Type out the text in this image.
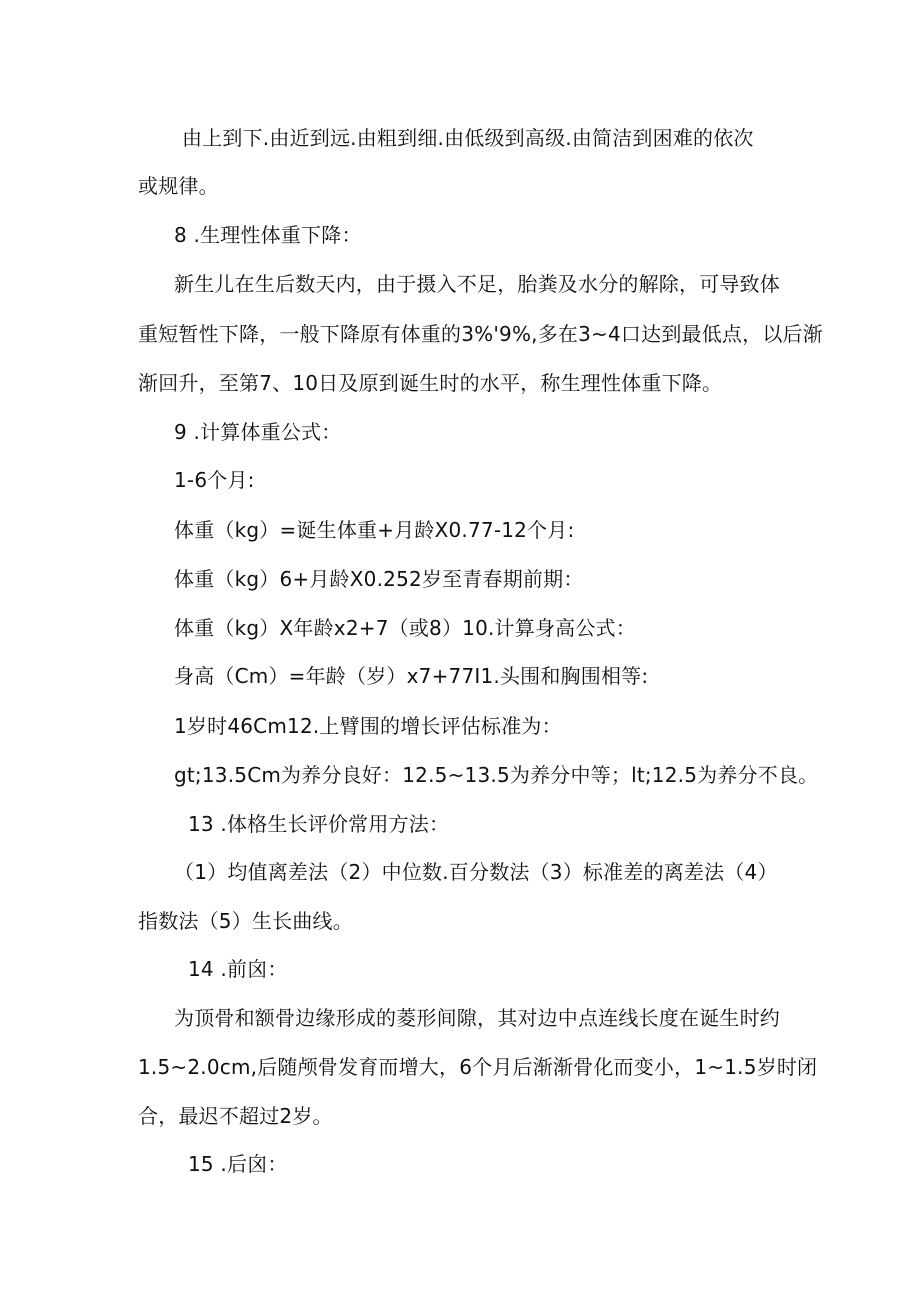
由上到下.由近到远.由粗到细.由低级到高级.由简洁到困难的依次

或规律。

8 .生理性体重下降：

新生儿在生后数天内，由于摄入不足，胎粪及水分的解除，可导致体

重短暂性下降，一般下降原有体重的3%'9%,多在3~4口达到最低点，以后渐

渐回升，至第7、10日及原到诞生时的水平，称生理性体重下降。

9 .计算体重公式：

1-6个月:

体重（kg）=诞生体重+月龄X0.77-12个月:

体重（kg）6+月龄X0.252岁至青春期前期：

体重（kg）X年龄x2+7（或8）10.计算身高公式：

身高（Cm）=年龄（岁）x7+77I1.头围和胸围相等:

1岁时46Cm12.上臂围的增长评估标准为：

gt;13.5Cm为养分良好：12.5~13.5为养分中等；lt;12.5为养分不良。

13 .体格生长评价常用方法：

（1）均值离差法（2）中位数.百分数法（3）标准差的离差法（4）

指数法（5）生长曲线。

14 .前囟：

为顶骨和额骨边缘形成的菱形间隙，其对边中点连线长度在诞生时约

1.5~2.0cm,后随颅骨发育而增大，6个月后渐渐骨化而变小，1~1.5岁时闭

合，最迟不超过2岁。

15 .后囟：
